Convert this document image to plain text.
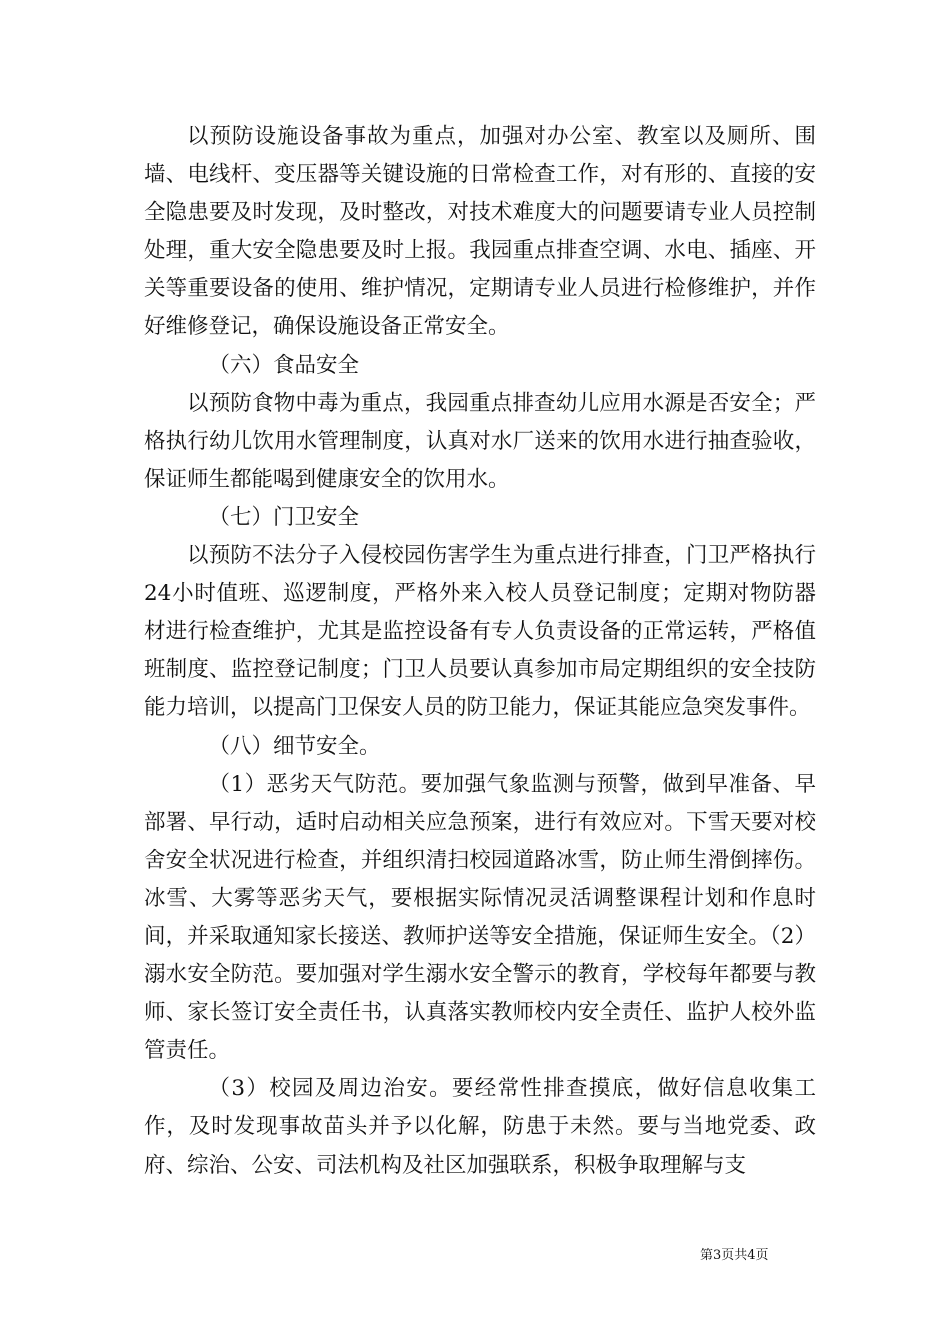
以预防设施设备事故为重点，加强对办公室、教室以及厕所、围墙、电线杆、变压器等关键设施的日常检查工作，对有形的、直接的安全隐患要及时发现，及时整改，对技术难度大的问题要请专业人员控制处理，重大安全隐患要及时上报。我园重点排查空调、水电、插座、开关等重要设备的使用、维护情况，定期请专业人员进行检修维护，并作好维修登记，确保设施设备正常安全。

（六）食品安全

以预防食物中毒为重点，我园重点排查幼儿应用水源是否安全；严格执行幼儿饮用水管理制度，认真对水厂送来的饮用水进行抽查验收，保证师生都能喝到健康安全的饮用水。

（七）门卫安全

以预防不法分子入侵校园伤害学生为重点进行排查，门卫严格执行24小时值班、巡逻制度，严格外来入校人员登记制度；定期对物防器材进行检查维护，尤其是监控设备有专人负责设备的正常运转，严格值班制度、监控登记制度；门卫人员要认真参加市局定期组织的安全技防能力培训，以提高门卫保安人员的防卫能力，保证其能应急突发事件。

（八）细节安全。

（1）恶劣天气防范。要加强气象监测与预警，做到早准备、早部署、早行动，适时启动相关应急预案，进行有效应对。下雪天要对校舍安全状况进行检查，并组织清扫校园道路冰雪，防止师生滑倒摔伤。冰雪、大雾等恶劣天气，要根据实际情况灵活调整课程计划和作息时间，并采取通知家长接送、教师护送等安全措施，保证师生安全。（2）溺水安全防范。要加强对学生溺水安全警示的教育，学校每年都要与教师、家长签订安全责任书，认真落实教师校内安全责任、监护人校外监管责任。

（3）校园及周边治安。要经常性排查摸底，做好信息收集工作，及时发现事故苗头并予以化解，防患于未然。要与当地党委、政府、综治、公安、司法机构及社区加强联系，积极争取理解与支

第3页共4页
